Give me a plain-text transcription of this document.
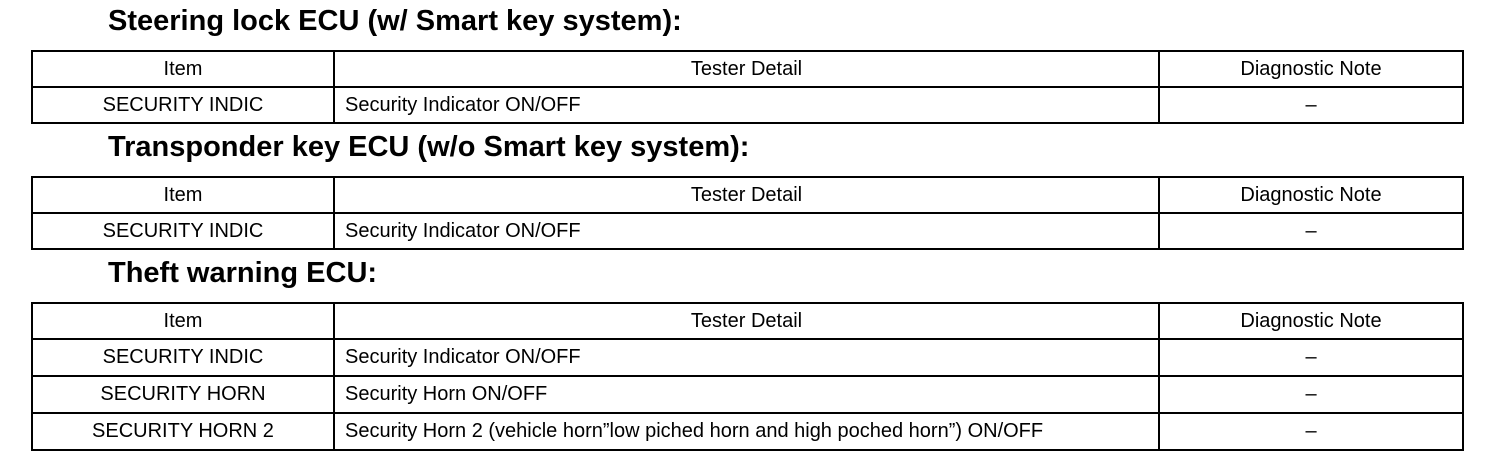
Steering lock ECU (w/ Smart key system):
Item	Tester Detail	Diagnostic Note
SECURITY INDIC	Security Indicator ON/OFF	–
Transponder key ECU (w/o Smart key system):
Item	Tester Detail	Diagnostic Note
SECURITY INDIC	Security Indicator ON/OFF	–
Theft warning ECU:
Item	Tester Detail	Diagnostic Note
SECURITY INDIC	Security Indicator ON/OFF	–
SECURITY HORN	Security Horn ON/OFF	–
SECURITY HORN 2	Security Horn 2 (vehicle horn”low piched horn and high poched horn”) ON/OFF	–
